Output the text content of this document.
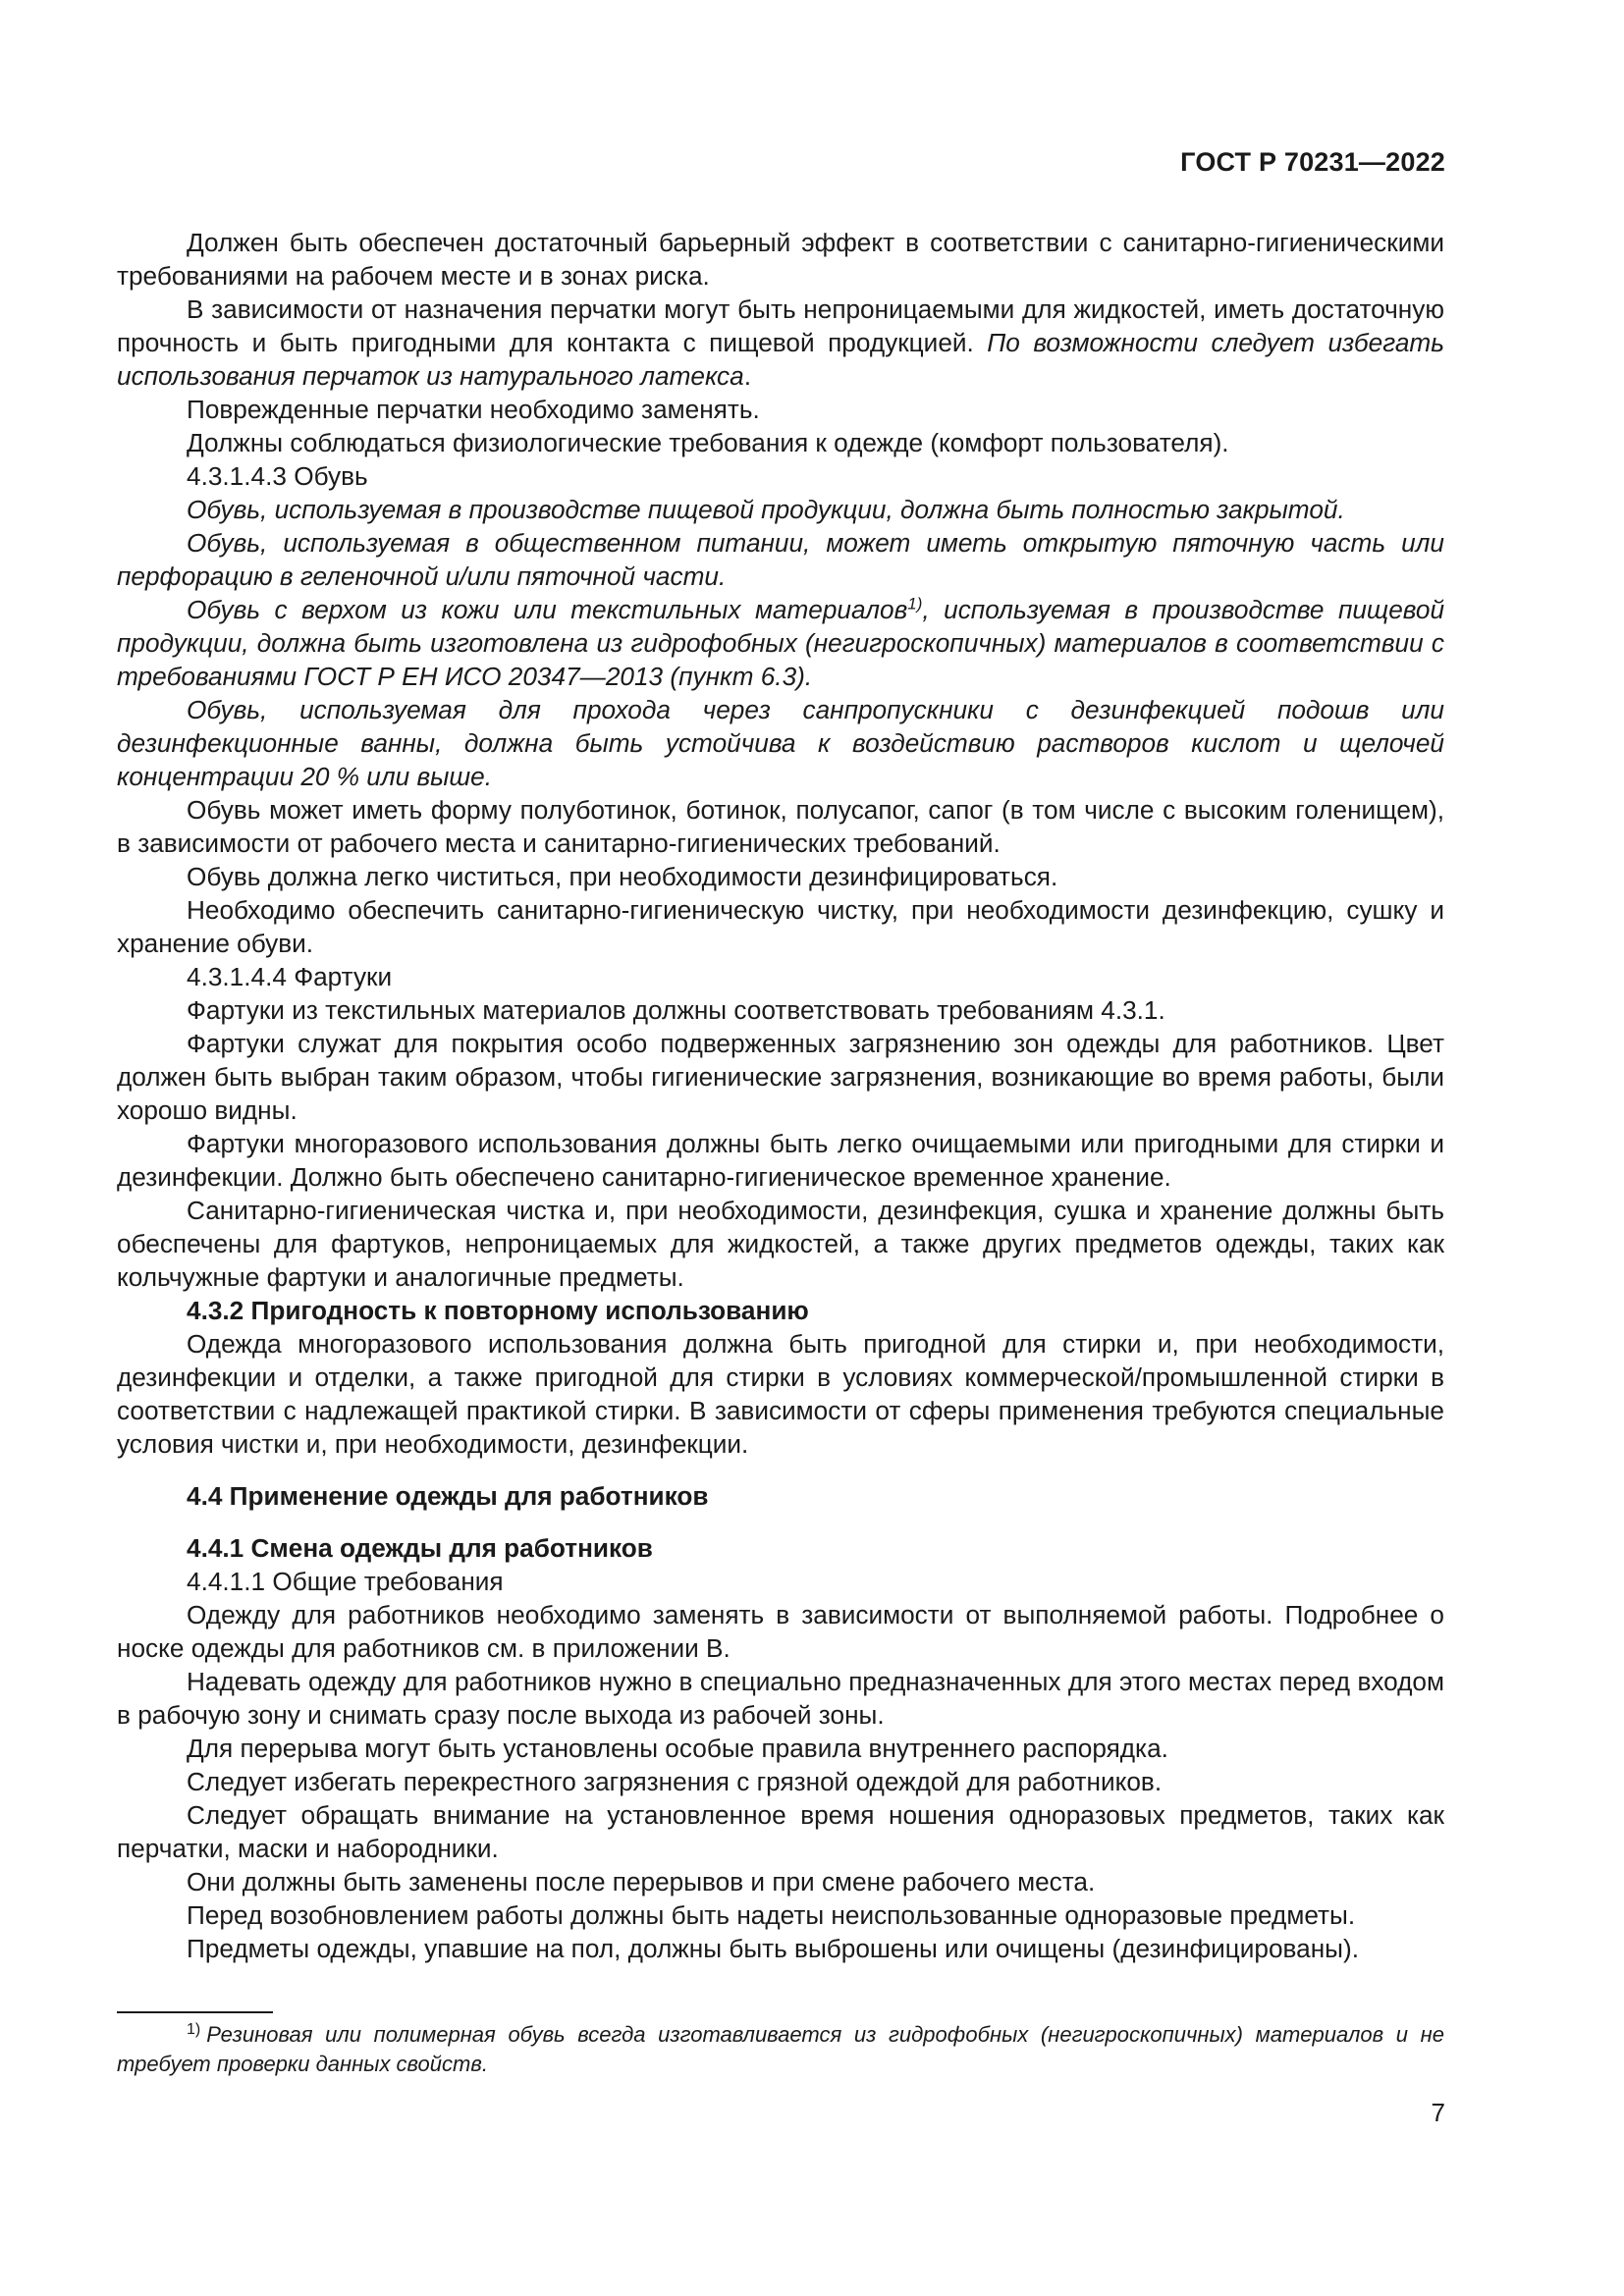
ГОСТ Р 70231—2022

Должен быть обеспечен достаточный барьерный эффект в соответствии с санитарно-гигиеническими требованиями на рабочем месте и в зонах риска.

В зависимости от назначения перчатки могут быть непроницаемыми для жидкостей, иметь достаточную прочность и быть пригодными для контакта с пищевой продукцией. По возможности следует избегать использования перчаток из натурального латекса.

Поврежденные перчатки необходимо заменять.

Должны соблюдаться физиологические требования к одежде (комфорт пользователя).

4.3.1.4.3 Обувь

Обувь, используемая в производстве пищевой продукции, должна быть полностью закрытой.

Обувь, используемая в общественном питании, может иметь открытую пяточную часть или перфорацию в геленочной и/или пяточной части.

Обувь с верхом из кожи или текстильных материалов$^{1)}$, используемая в производстве пищевой продукции, должна быть изготовлена из гидрофобных (негигроскопичных) материалов в соответствии с требованиями ГОСТ Р ЕН ИСО 20347—2013 (пункт 6.3).

Обувь, используемая для прохода через санпропускники с дезинфекцией подошв или дезинфекционные ванны, должна быть устойчива к воздействию растворов кислот и щелочей концентрации 20 % или выше.

Обувь может иметь форму полуботинок, ботинок, полусапог, сапог (в том числе с высоким голенищем), в зависимости от рабочего места и санитарно-гигиенических требований.

Обувь должна легко чиститься, при необходимости дезинфицироваться.

Необходимо обеспечить санитарно-гигиеническую чистку, при необходимости дезинфекцию, сушку и хранение обуви.

4.3.1.4.4 Фартуки

Фартуки из текстильных материалов должны соответствовать требованиям 4.3.1.

Фартуки служат для покрытия особо подверженных загрязнению зон одежды для работников. Цвет должен быть выбран таким образом, чтобы гигиенические загрязнения, возникающие во время работы, были хорошо видны.

Фартуки многоразового использования должны быть легко очищаемыми или пригодными для стирки и дезинфекции. Должно быть обеспечено санитарно-гигиеническое временное хранение.

Санитарно-гигиеническая чистка и, при необходимости, дезинфекция, сушка и хранение должны быть обеспечены для фартуков, непроницаемых для жидкостей, а также других предметов одежды, таких как кольчужные фартуки и аналогичные предметы.

4.3.2 Пригодность к повторному использованию

Одежда многоразового использования должна быть пригодной для стирки и, при необходимости, дезинфекции и отделки, а также пригодной для стирки в условиях коммерческой/промышленной стирки в соответствии с надлежащей практикой стирки. В зависимости от сферы применения требуются специальные условия чистки и, при необходимости, дезинфекции.

4.4 Применение одежды для работников

4.4.1 Смена одежды для работников

4.4.1.1 Общие требования

Одежду для работников необходимо заменять в зависимости от выполняемой работы. Подробнее о носке одежды для работников см. в приложении В.

Надевать одежду для работников нужно в специально предназначенных для этого местах перед входом в рабочую зону и снимать сразу после выхода из рабочей зоны.

Для перерыва могут быть установлены особые правила внутреннего распорядка.

Следует избегать перекрестного загрязнения с грязной одеждой для работников.

Следует обращать внимание на установленное время ношения одноразовых предметов, таких как перчатки, маски и набородники.

Они должны быть заменены после перерывов и при смене рабочего места.

Перед возобновлением работы должны быть надеты неиспользованные одноразовые предметы.

Предметы одежды, упавшие на пол, должны быть выброшены или очищены (дезинфицированы).

$^{1)}$ Резиновая или полимерная обувь всегда изготавливается из гидрофобных (негигроскопичных) материалов и не требует проверки данных свойств.

7
